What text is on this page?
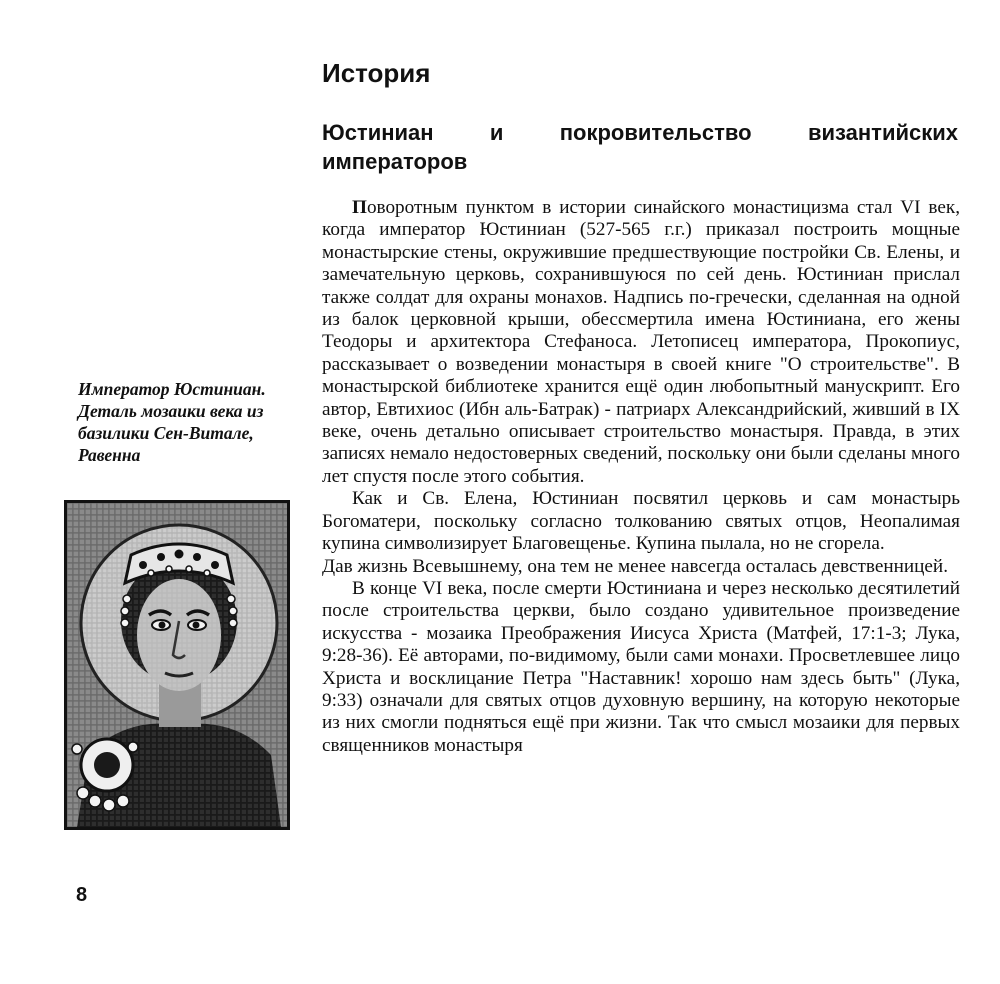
История
Юстиниан и покровительство византийских императоров

Поворотным пунктом в истории синайского монастицизма стал VI век, когда император Юстиниан (527-565 г.г.) приказал построить мощные монастырские стены, окружившие предшествующие постройки Св. Елены, и замечательную церковь, сохранившуюся по сей день. Юстиниан прислал также солдат для охраны монахов. Надпись по-гречески, сделанная на одной из балок церковной крыши, обессмертила имена Юстиниана, его жены Теодоры и архитектора Стефаноса. Летописец императора, Прокопиус, рассказывает о возведении монастыря в своей книге "О строительстве". В монастырской библиотеке хранится ещё один любопытный манускрипт. Его автор, Евтихиос (Ибн аль-Батрак) - патриарх Александрийский, живший в IX веке, очень детально описывает строительство монастыря. Правда, в этих записях немало недостоверных сведений, поскольку они были сделаны много лет спустя после этого события.

Как и Св. Елена, Юстиниан посвятил церковь и сам монастырь Богоматери, поскольку согласно толкованию святых отцов, Неопалимая купина символизирует Благовещенье. Купина пылала, но не сгорела.

Дав жизнь Всевышнему, она тем не менее навсегда осталась девственницей.

В конце VI века, после смерти Юстиниана и через несколько десятилетий после строительства церкви, было создано удивительное произведение искусства - мозаика Преображения Иисуса Христа (Матфей, 17:1-3; Лука, 9:28-36). Её авторами, по-видимому, были сами монахи. Просветлевшее лицо Христа и восклицание Петра "Наставник! хорошо нам здесь быть" (Лука, 9:33) означали для святых отцов духовную вершину, на которую некоторые из них смогли подняться ещё при жизни. Так что смысл мозаики для первых священников монастыря

Император Юстиниан.
Деталь мозаики века из
базилики Сен-Витале,
Равенна
8
